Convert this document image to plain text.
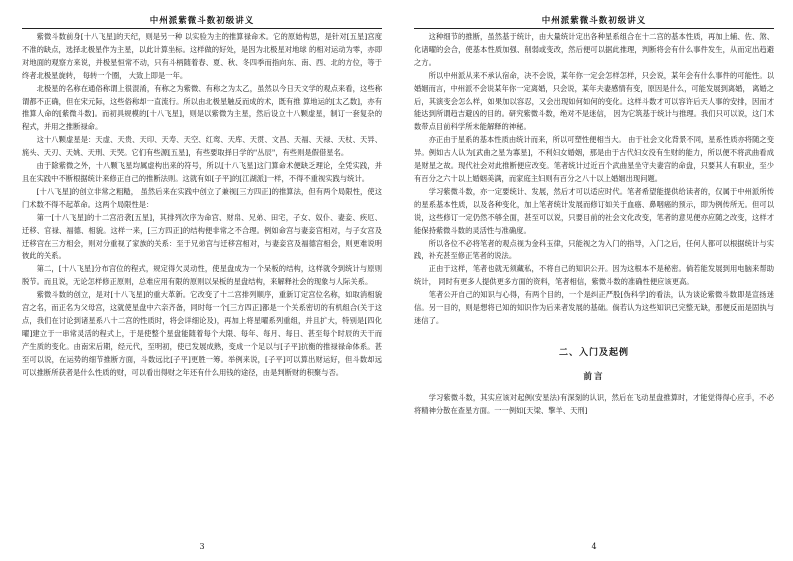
中州派紫微斗数初级讲义

紫微斗数前身[十八飞星]的天纪，则是另一种 以实验为主的推算禄命术。它的原始构思，是针对[五星]宫度不准的缺点，选择北极星作为主星，以此计算坐标。这样做的好处，是因为北极星对地球 的相对运动为零，亦即对地面的观察方来说，并极星恒常不动，只有斗柄随着春、夏、秋、冬四季而指向东、南、西、北的方位，等于终者北极星旋转， 每转一个圈， 大致上即是一年。

北极星的名称在通俗称谓上很混淆，有称之为紫微、有称之为太乙，虽然以今日天文学的观点来看，这些称谓都不正确，但在宋元际，这些俗称却一直流行。所以由北极星触反而成的术，既有推 算地运的[太乙数]，亦有推算人命的[紫微斗数]。而初具规模的[十八飞星]，则是以紫微为主星，然后设立十八颗虚星，制订一套复杂的程式，并用之推断禄命。

这十八颗虚星是：天虚、天贵、天印、天寿、天空、红鸾、天库、天贯、文昌、天福、天禄、天杖、天异、旄头、天刃、天姚、天刑、天哭。它们有些源[五星]，有些要取择日学的"丛辰"，有些则是假借星名。

由于除紫微之外，十八颗飞星均属虚构出来的符号，所以[十八飞星]这门算命术便缺乏理论，全凭实践，并且在实践中不断根据统计来修正自己的推断法则。这就有如[子平]的[江湖派]一样，不得不重视实践与统计。

[十八飞星]的创立非常之粗糙， 虽然后来在实践中创立了兼视[三方四正]的推算法，但有两个局限性，使这门术数不得不起革命。这两个局限性是：

第一[十八飞星]的十二宫沿袭[五星]，其排列次序为命宫、财帛、兄弟、田宅，子女、奴仆、妻妾、疾厄、迁移、官禄、福德、相貌。这样一来，[三方四正]的结构便非常之不合理。例如命宫与妻妾宫相对，与子女宫及迁移宫在三方相会，则对分重视了家族的关系：至于兄弟宫与迁移宫相对，与妻妾宫及福德宫相会，则更难说明彼此的关系。

第二，[十八飞星]分布宫位的程式，规定得欠灵动性，使星盘成为一个呆板的结构，这样就令到统计与原则脱节。而且说，无论怎样修正原则，总难应用有限的原则以呆板的星盘结构，来解释社会的现象与人际关系。

紫微斗数的创立，是对[十八飞星]的重大革新。它改变了十二宫排列顺序，重新订定宫位名称，如取消相貌宫之名，而正名为父母宫，这就使星盘中六亲齐备，同时每一个[三方四正]都是一个关系密切的有机组合(关于这点，我们在讨论到诸星系八十二宫的性质时，将会详细论及)，再加上将星曜系列重组，并且扩大，特别是[四化曜]建立于一串常灵活的程式上，于是使整个星盘能随着每个大限、每年、每月、每日、甚至每个时辰的天干而产生质的变化。由南宋后期，经元代，至明初，使已发展成熟，变成一个足以与[子平]抗衡的推禄禄命体系。甚至可以说，在运势的细节推断方面，斗数远比[子平]更胜一筹。举例来说，[子平]可以算出财运好，但斗数却远可以推断所获者是什么性质的财，可以看出得财之年还有什么用钱的途径，由是判断财的积聚与否。

3
中州派紫微斗数初级讲义

这种细节的推断，虽然基于统计，由大量统计定出各种星系组合在十二宫的基本性质，再加上辅、佐、煞、化诸曜的会合，使基本性质加强、削弱或变改，然后便可以据此推理，判断将会有什么事件发生，从而定出趋避之方。

所以中州派从来不承认宿命，决不会说，某年你一定会怎样怎样，只会说，某年会有什么事件的可能性。以婚姻而言，中州派不会说某年你一定离婚，只会说，某年夫妻感情有变，原因是什么，可能发展到离婚， 离婚之后，其演变会怎么样，如果加以容忍，又会出现如何如何的变化。这样斗数才可以容许后天人事的安排，因而才能达到所谓趋吉避凶的目的。研究紫微斗数，绝对不是迷信， 因为它筑基于统计与推理。我们只可以说，这门术数带点目前科学所未能解释的神秘。

亦正由于星系的基本性质由统计而来，所以可塑性便相当大。 由于社会文化背景不同，星系性质亦将随之变异。例如古人认为[武曲之星为寡星]，不利妇女婚姻，那是由于古代妇女没有生财的能力，所以便不将武曲看成是财星之故。现代社会对此推断便应改变。笔者统计过近百个武曲星坐守夫妻宫的命盘，只要其人有职业，至少有百分之六十以上婚姻美满，而家庭主妇则有百分之八十以上婚姻出现问题。

学习紫微斗数，亦一定要统计、发展，然后才可以适应时代。笔者希望能提供给读者的，仅属于中州派所传的星系基本性质，以及各种变化，加上笔者统计发展而修订如关于血癌、鼻咽癌的预示，即为例传所无。但可以说，这些修订一定仍然不够全面，甚至可以说，只要目前的社会文化改变，笔者的意见便亦应随之改变，这样才能保持紫微斗数的灵活性与准确度。

所以各位不必将笔者的观点视为金科玉律，只能视之为入门的指导，入门之后，任何人都可以根据统计与实践，补充甚至修正笔者的说法。

正由于这样，笔者也就无须藏私，不将自己的知识公开。因为这根本不是秘密。倘若能发展到用电脑来帮助统计， 同时有更多人提供更多方面的资料，笔者相信，紫微斗数的准确性便应该更高。

笔者公开自己的知识与心得，有两个目的，一个是纠正严股[伪科学]的看法，认为谈论紫微斗数即是宣扬迷信。另一目的，则是想将已知的知识作为后来者发展的基础。倘若认为这些知识已完整无缺，那便反而是固执与迷信了。

二、入门及起例
前言

学习紫微斗数，其实应该对起例(安星法)有深刻的认识，然后在飞动星盘推算时，才能觉得得心应手，不必将精神分散在查星方面。一一例如[天梁、擎羊、天刑]

4
